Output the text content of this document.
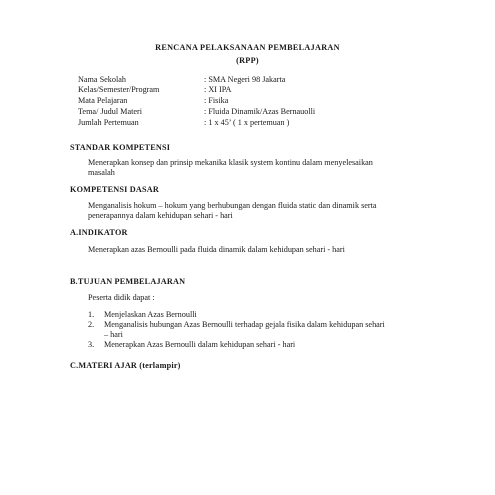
RENCANA PELAKSANAAN PEMBELAJARAN
(RPP)
Nama Sekolah	: SMA Negeri 98 Jakarta
Kelas/Semester/Program	: XI IPA
Mata Pelajaran	: Fisika
Tema/ Judul Materi	: Fluida Dinamik/Azas Bernauolli
Jumlah Pertemuan	: 1 x 45’ ( 1 x pertemuan )
STANDAR KOMPETENSI
Menerapkan konsep dan prinsip mekanika klasik system kontinu dalam menyelesaikan
masalah
KOMPETENSI DASAR
Menganalisis hokum – hokum yang berhubungan dengan fluida static dan dinamik serta
penerapannya dalam kehidupan sehari - hari
A.INDIKATOR
Menerapkan azas Bernoulli pada fluida dinamik dalam kehidupan sehari - hari
B.TUJUAN PEMBELAJARAN
Peserta didik dapat :
1. Menjelaskan Azas Bernoulli
2. Menganalisis hubungan Azas Bernoulli terhadap gejala fisika dalam kehidupan sehari
– hari
3. Menerapkan Azas Bernoulli dalam kehidupan sehari - hari
C.MATERI AJAR (terlampir)
